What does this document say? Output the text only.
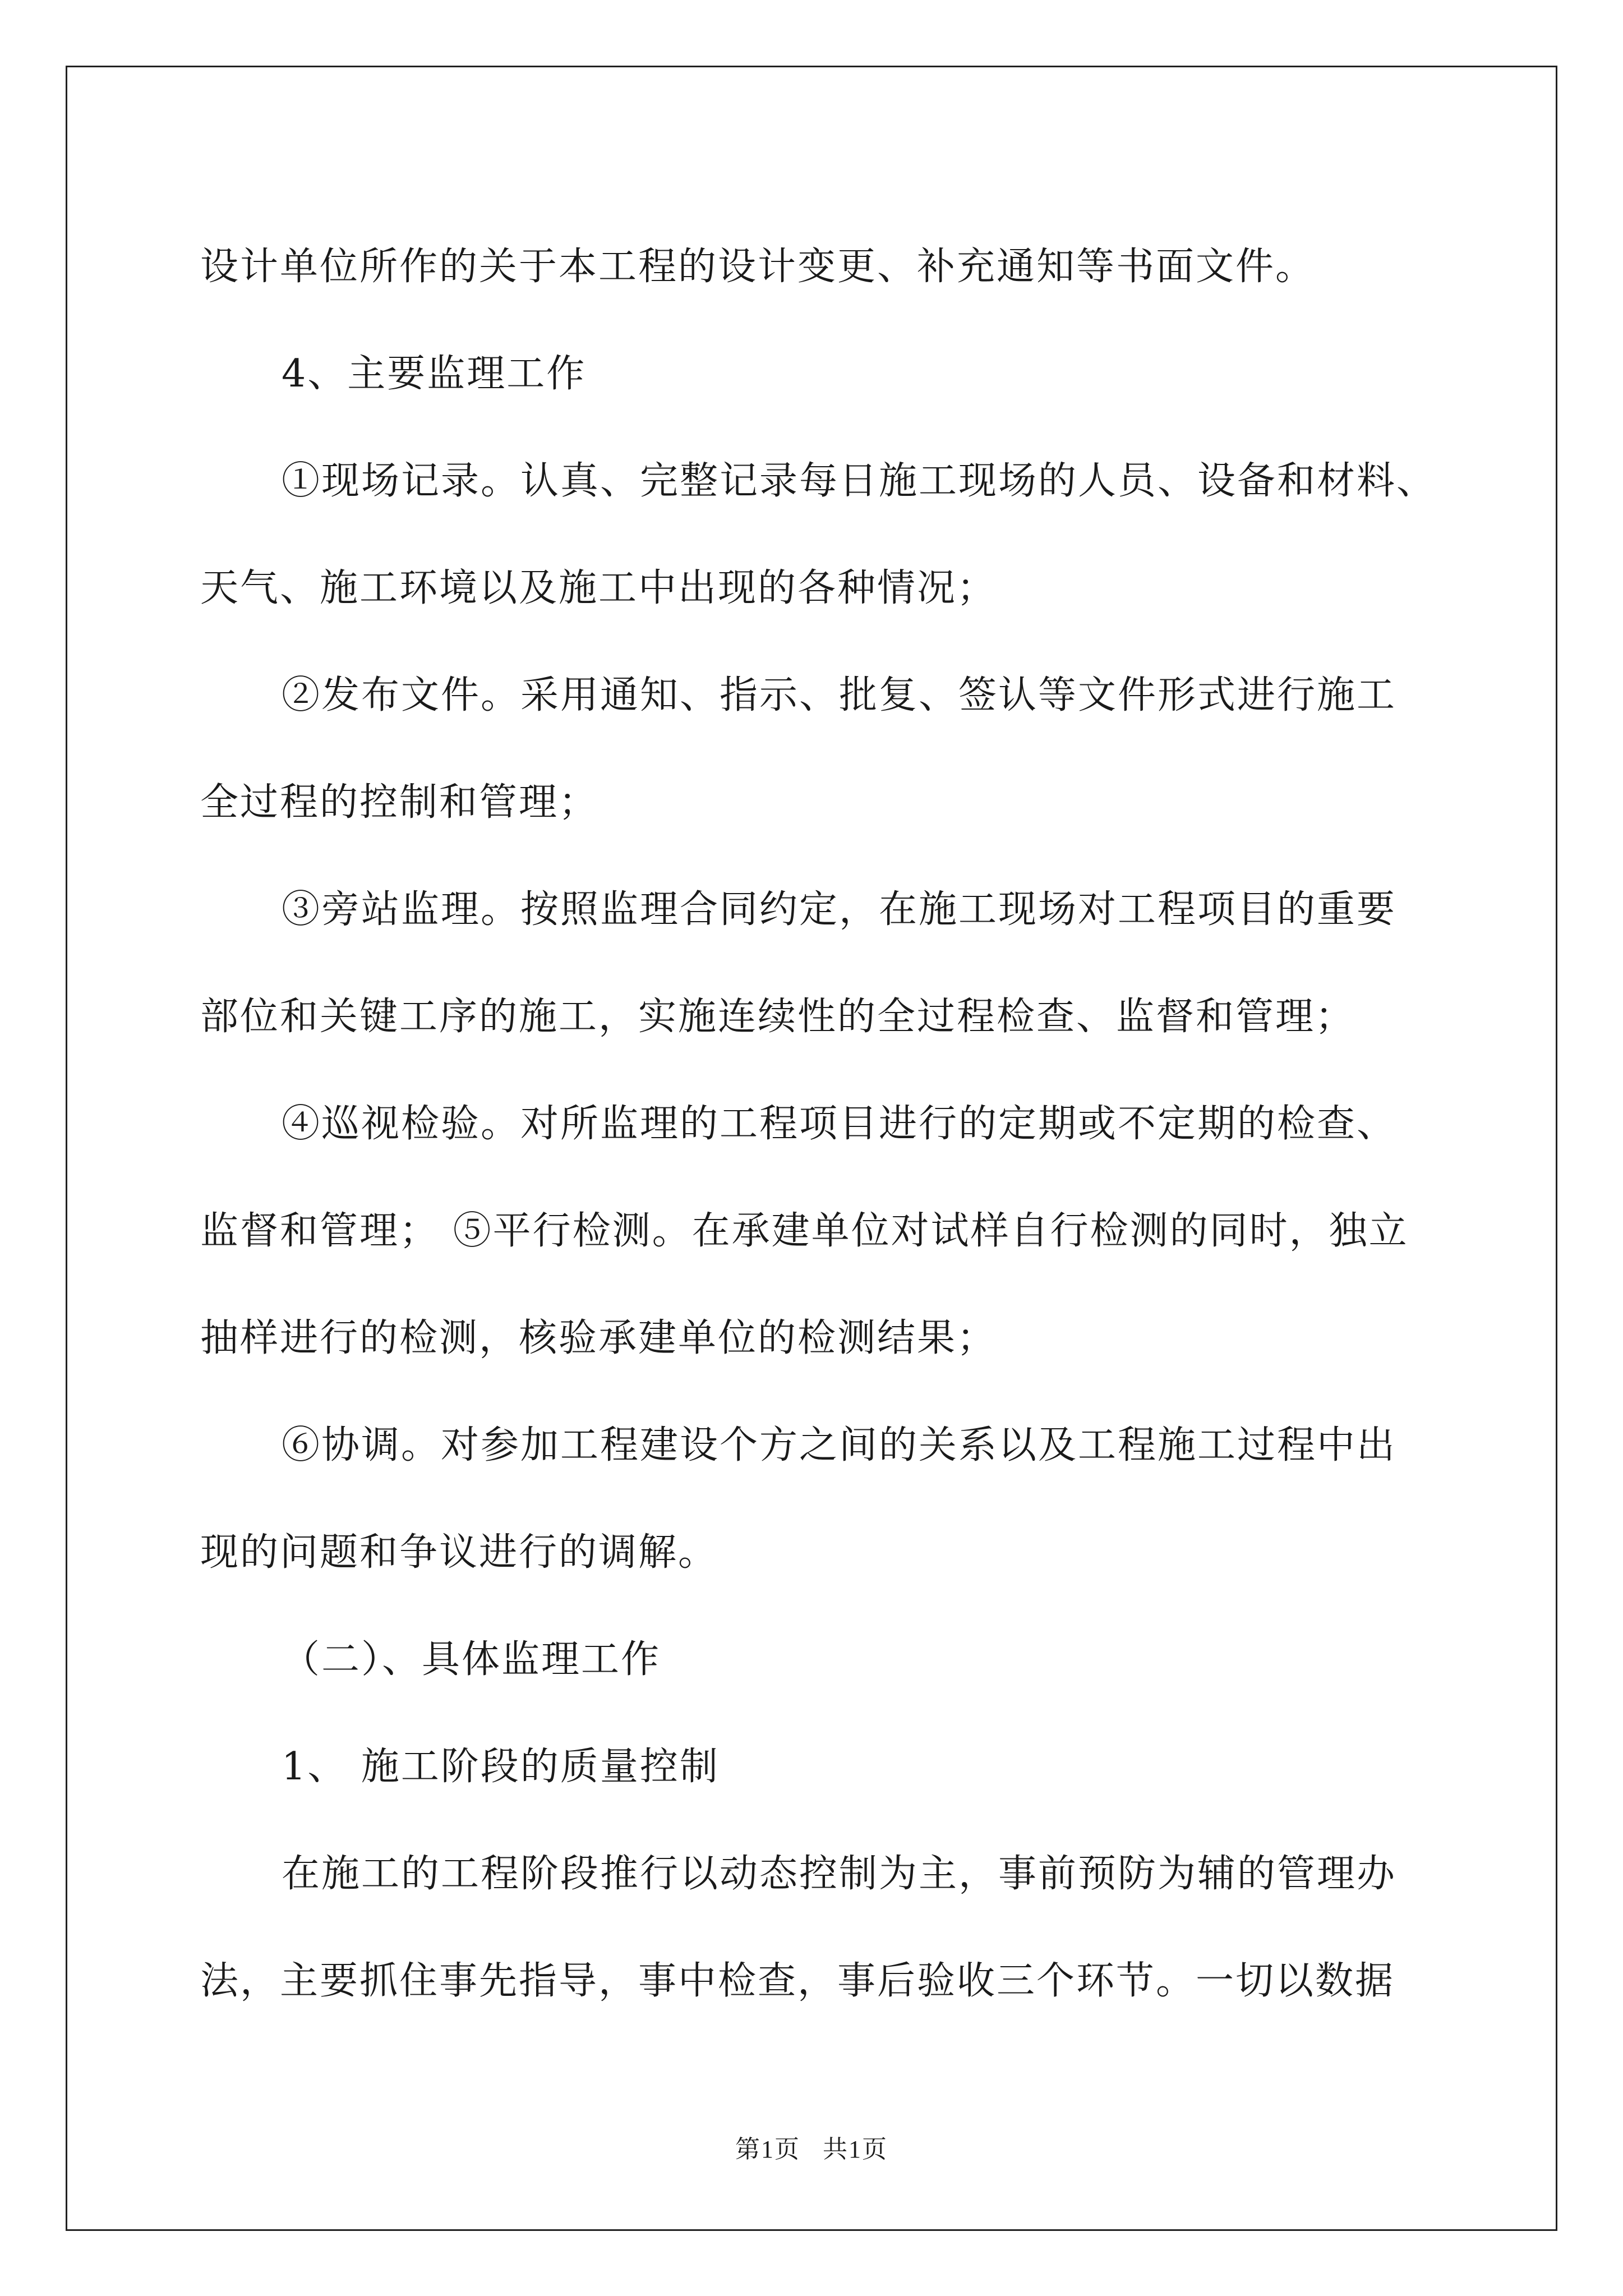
设计单位所作的关于本工程的设计变更、补充通知等书面文件。
4、主要监理工作
①现场记录。认真、完整记录每日施工现场的人员、设备和材料、
天气、施工环境以及施工中出现的各种情况；
②发布文件。采用通知、指示、批复、签认等文件形式进行施工
全过程的控制和管理；
③旁站监理。按照监理合同约定，在施工现场对工程项目的重要
部位和关键工序的施工，实施连续性的全过程检查、监督和管理；
④巡视检验。对所监理的工程项目进行的定期或不定期的检查、
监督和管理； ⑤平行检测。在承建单位对试样自行检测的同时，独立
抽样进行的检测，核验承建单位的检测结果；
⑥协调。对参加工程建设个方之间的关系以及工程施工过程中出
现的问题和争议进行的调解。
（二）、具体监理工作
1、 施工阶段的质量控制
在施工的工程阶段推行以动态控制为主，事前预防为辅的管理办
法，主要抓住事先指导，事中检查，事后验收三个环节。一切以数据
第1页 共1页
